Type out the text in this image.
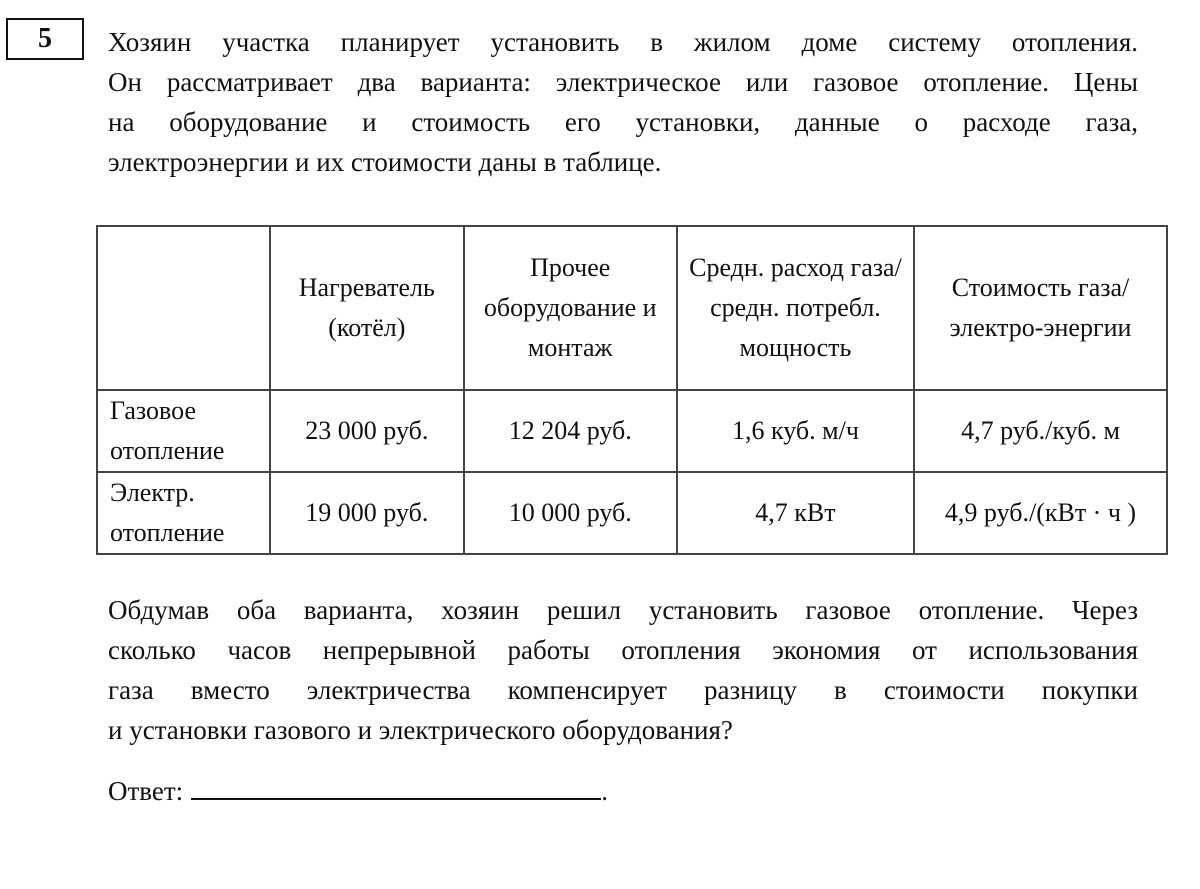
5 Хозяин участка планирует установить в жилом доме систему отопления.
Он рассматривает два варианта: электрическое или газовое отопление. Цены
на оборудование и стоимость его установки, данные о расходе газа,
электроэнергии и их стоимости даны в таблице.
	Нагреватель (котёл)	Прочее оборудование и монтаж	Средн. расход газа/ средн. потребл. мощность	Стоимость газа/электро-энергии
Газовое отопление	23 000 руб.	12 204 руб.	1,6 куб. м/ч	4,7 руб./куб. м
Электр. отопление	19 000 руб.	10 000 руб.	4,7 кВт	4,9 руб./(кВт · ч )
Обдумав оба варианта, хозяин решил установить газовое отопление. Через
сколько часов непрерывной работы отопления экономия от использования
газа вместо электричества компенсирует разницу в стоимости покупки
и установки газового и электрического оборудования?
Ответ:	.
